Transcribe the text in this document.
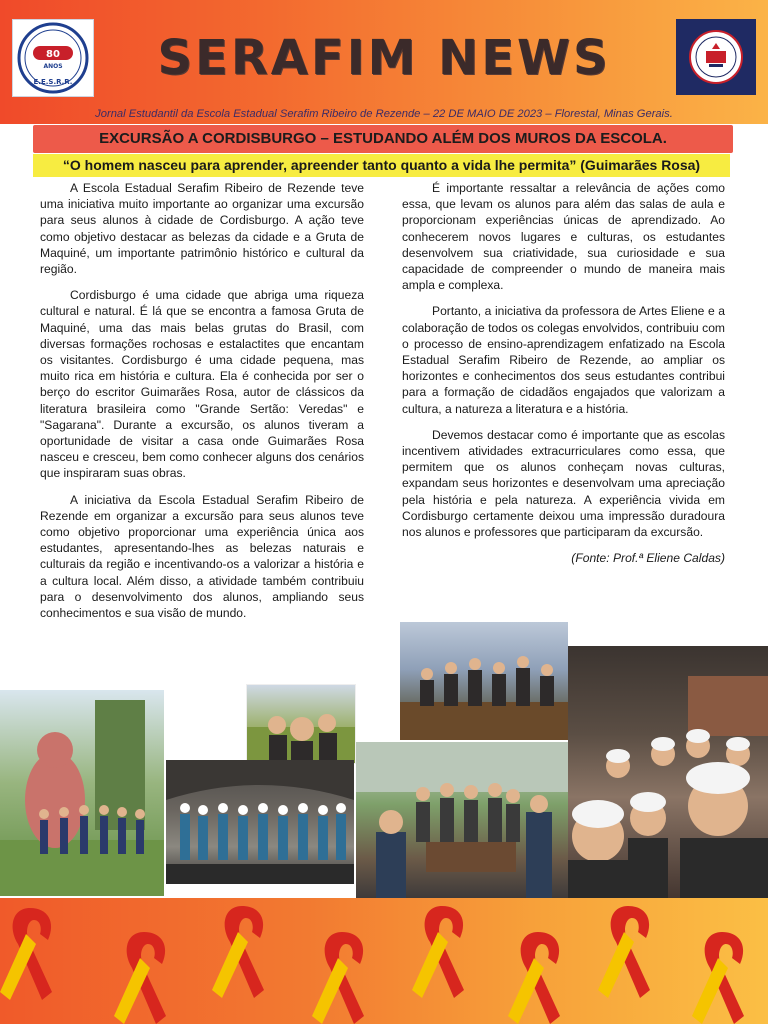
80
ANOS
E.E.S.R.R.	SERAFIM NEWS
Jornal Estudantil da Escola Estadual Serafim Ribeiro de Rezende – 22 DE MAIO DE 2023 – Florestal, Minas Gerais.
EXCURSÃO A CORDISBURGO – ESTUDANDO ALÉM DOS MUROS DA ESCOLA.
“O homem nasceu para aprender, apreender tanto quanto a vida lhe permita” (Guimarães Rosa)

A Escola Estadual Serafim Ribeiro de Rezende teve uma iniciativa muito importante ao organizar uma excursão para seus alunos à cidade de Cordisburgo. A ação teve como objetivo destacar as belezas da cidade e a Gruta de Maquiné, um importante patrimônio histórico e cultural da região.

Cordisburgo é uma cidade que abriga uma riqueza cultural e natural. É lá que se encontra a famosa Gruta de Maquiné, uma das mais belas grutas do Brasil, com diversas formações rochosas e estalactites que encantam os visitantes. Cordisburgo é uma cidade pequena, mas muito rica em história e cultura. Ela é conhecida por ser o berço do escritor Guimarães Rosa, autor de clássicos da literatura brasileira como "Grande Sertão: Veredas" e "Sagarana". Durante a excursão, os alunos tiveram a oportunidade de visitar a casa onde Guimarães Rosa nasceu e cresceu, bem como conhecer alguns dos cenários que inspiraram suas obras.

A iniciativa da Escola Estadual Serafim Ribeiro de Rezende em organizar a excursão para seus alunos teve como objetivo proporcionar uma experiência única aos estudantes, apresentando-lhes as belezas naturais e culturais da região e incentivando-os a valorizar a história e a cultura local. Além disso, a atividade também contribuiu para o desenvolvimento dos alunos, ampliando seus conhecimentos e sua visão de mundo.

É importante ressaltar a relevância de ações como essa, que levam os alunos para além das salas de aula e proporcionam experiências únicas de aprendizado. Ao conhecerem novos lugares e culturas, os estudantes desenvolvem sua criatividade, sua curiosidade e sua capacidade de compreender o mundo de maneira mais ampla e complexa.

Portanto, a iniciativa da professora de Artes Eliene e a colaboração de todos os colegas envolvidos, contribuiu com o processo de ensino-aprendizagem enfatizado na Escola Estadual Serafim Ribeiro de Rezende, ao ampliar os horizontes e conhecimentos dos seus estudantes contribui para a formação de cidadãos engajados que valorizam a cultura, a natureza a literatura e a história.

Devemos destacar como é importante que as escolas incentivem atividades extracurriculares como essa, que permitem que os alunos conheçam novas culturas, expandam seus horizontes e desenvolvam uma apreciação pela história e pela natureza. A experiência vivida em Cordisburgo certamente deixou uma impressão duradoura nos alunos e professores que participaram da excursão.

(Fonte: Prof.ª Eliene Caldas)
